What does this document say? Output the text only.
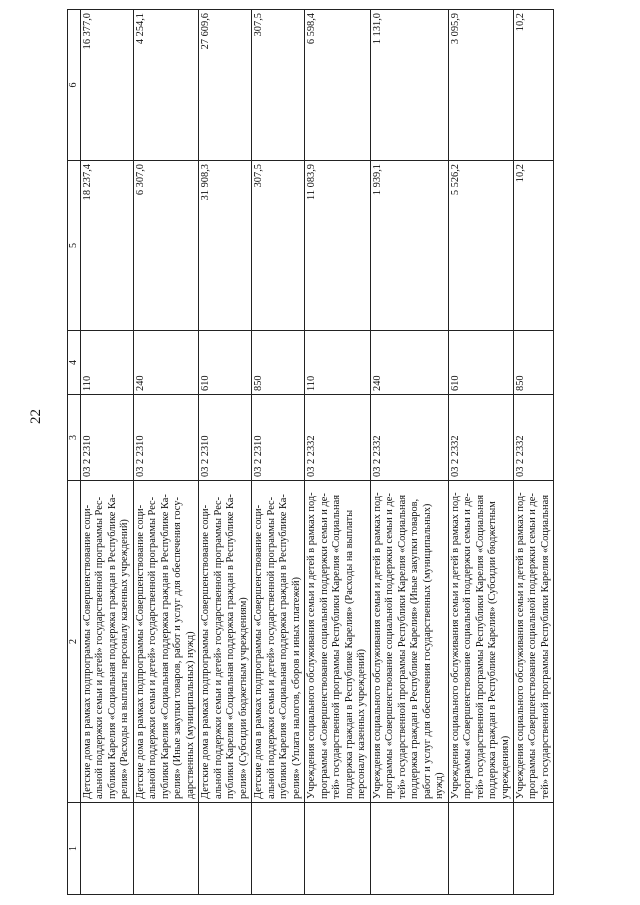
22
1	2	3	4	5	6
	Детские дома в рамках подпрограммы «Совершенствование соци-альной поддержки семьи и детей» государственной программы Рес-публики Карелия «Социальная поддержка граждан в Республике Ка-релия» (Расходы на выплаты персоналу казенных учреждений)	03 2 2310	110	18 237,4	16 377,0
	Детские дома в рамках подпрограммы «Совершенствование соци-альной поддержки семьи и детей» государственной программы Рес-публики Карелия «Социальная поддержка граждан в Республике Ка-релия» (Иные закупки товаров, работ и услуг для обеспечения госу-дарственных (муниципальных) нужд)	03 2 2310	240	6 307,0	4 254,1
	Детские дома в рамках подпрограммы «Совершенствование соци-альной поддержки семьи и детей» государственной программы Рес-публики Карелия «Социальная поддержка граждан в Республике Ка-релия» (Субсидии бюджетным учреждениям)	03 2 2310	610	31 908,3	27 609,6
	Детские дома в рамках подпрограммы «Совершенствование соци-альной поддержки семьи и детей» государственной программы Рес-публики Карелия «Социальная поддержка граждан в Республике Ка-релия» (Уплата налогов, сборов и иных платежей)	03 2 2310	850	307,5	307,5
	Учреждения социального обслуживания семьи и детей в рамках под-программы «Совершенствование социальной поддержки семьи и де-тей» государственной программы Республики Карелия «Социальная поддержка граждан в Республике Карелия» (Расходы на выплаты персоналу казенных учреждений)	03 2 2332	110	11 083,9	6 598,4
	Учреждения социального обслуживания семьи и детей в рамках под-программы «Совершенствование социальной поддержки семьи и де-тей» государственной программы Республики Карелия «Социальная поддержка граждан в Республике Карелия» (Иные закупки товаров, работ и услуг для обеспечения государственных (муниципальных) нужд)	03 2 2332	240	1 939,1	1 131,0
	Учреждения социального обслуживания семьи и детей в рамках под-программы «Совершенствование социальной поддержки семьи и де-тей» государственной программы Республики Карелия «Социальная поддержка граждан в Республике Карелия» (Субсидии бюджетным учреждениям)	03 2 2332	610	5 526,2	3 095,9
	Учреждения социального обслуживания семьи и детей в рамках под-программы «Совершенствование социальной поддержки семьи и де-тей» государственной программы Республики Карелия «Социальная	03 2 2332	850	10,2	10,2
